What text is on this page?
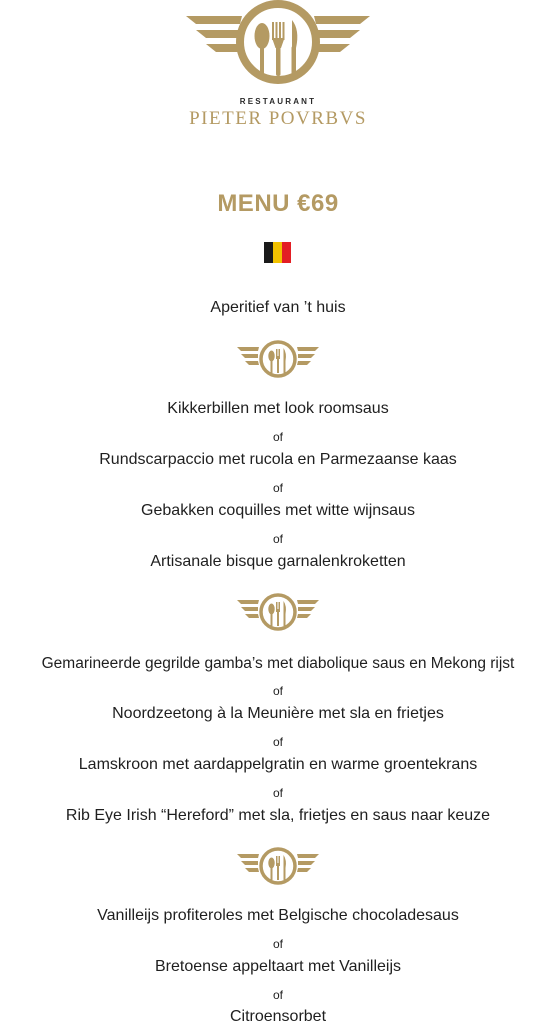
RESTAURANT
PIETER POVRBVS
MENU €69
Aperitief van ’t huis
Kikkerbillen met look roomsaus
of
Rundscarpaccio met rucola en Parmezaanse kaas
of
Gebakken coquilles met witte wijnsaus
of
Artisanale bisque garnalenkroketten
Gemarineerde gegrilde gamba’s met diabolique saus en Mekong rijst
of
Noordzeetong à la Meunière met sla en frietjes
of
Lamskroon met aardappelgratin en warme groentekrans
of
Rib Eye Irish “Hereford” met sla, frietjes en saus naar keuze
Vanilleijs profiteroles met Belgische chocoladesaus
of
Bretoense appeltaart met Vanilleijs
of
Citroensorbet
